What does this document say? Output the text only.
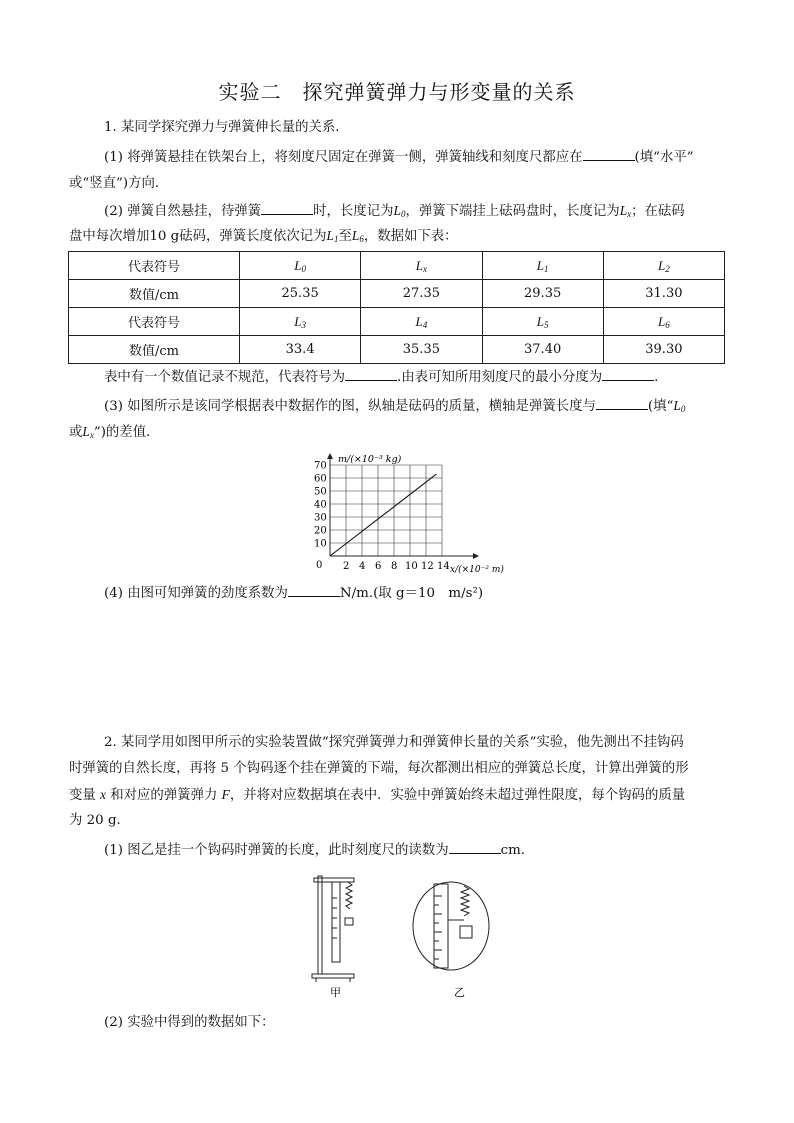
实验二　探究弹簧弹力与形变量的关系
1. 某同学探究弹力与弹簧伸长量的关系．
(1) 将弹簧悬挂在铁架台上，将刻度尺固定在弹簧一侧，弹簧轴线和刻度尺都应在	(填“水平”
或“竖直”)方向．
(2) 弹簧自然悬挂，待弹簧	时，长度记为$L_0$，弹簧下端挂上砝码盘时，长度记为$L_x$；在砝码
盘中每次增加10 g砝码，弹簧长度依次记为$L_1$至$L_6$，数据如下表：
代表符号	$L_0$	$L_x$	$L_1$	$L_2$
数值/cm	25.35	27.35	29.35	31.30
代表符号	$L_3$	$L_4$	$L_5$	$L_6$
数值/cm	33.4	35.35	37.40	39.30
表中有一个数值记录不规范，代表符号为	.由表可知所用刻度尺的最小分度为	.
(3) 如图所示是该同学根据表中数据作的图，纵轴是砝码的质量，横轴是弹簧长度与	(填“$L_0$
或$L_x$”)的差值．
2 4 6 8 10 12 14
10
20
30
40
50
60
70
0
m/(×10⁻³ kg)
x/(×10⁻² m)
(4) 由图可知弹簧的劲度系数为	N/m.(取 g＝10　m/s²)
2. 某同学用如图甲所示的实验装置做“探究弹簧弹力和弹簧伸长量的关系”实验，他先测出不挂钩码
时弹簧的自然长度，再将 5 个钩码逐个挂在弹簧的下端，每次都测出相应的弹簧总长度，计算出弹簧的形
变量 x 和对应的弹簧弹力 F，并将对应数据填在表中．实验中弹簧始终未超过弹性限度，每个钩码的质量
为 20 g.
(1) 图乙是挂一个钩码时弹簧的长度，此时刻度尺的读数为	cm.
甲	乙
(2) 实验中得到的数据如下：
